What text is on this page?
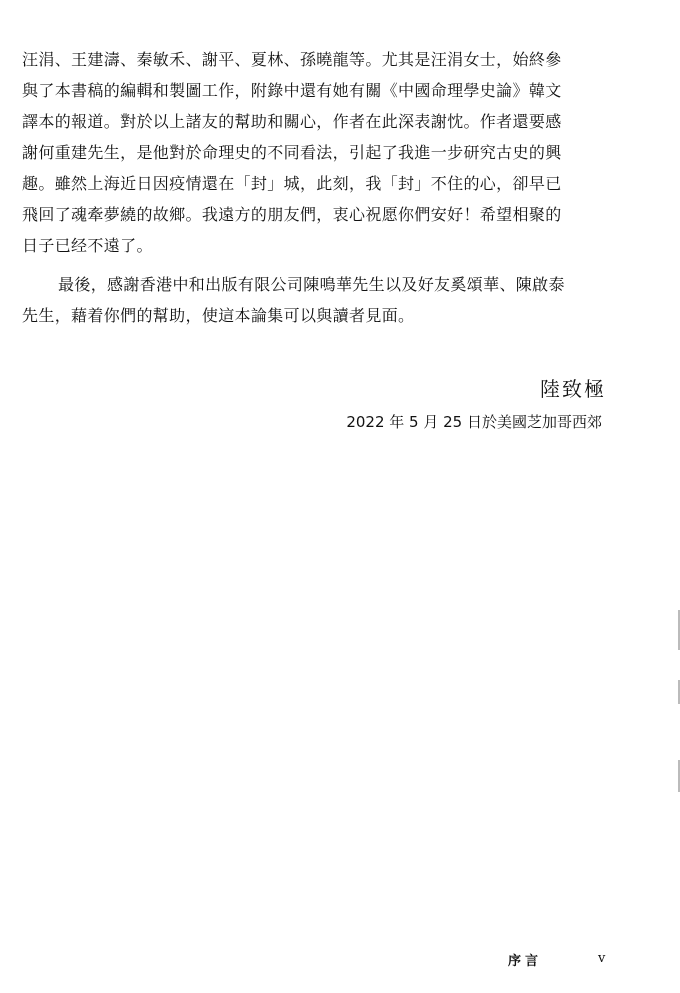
汪涓、王建濤、秦敏禾、謝平、夏林、孫曉龍等。尤其是汪涓女士，始終參
與了本書稿的編輯和製圖工作，附錄中還有她有關《中國命理學史論》韓文
譯本的報道。對於以上諸友的幫助和關心，作者在此深表謝忱。作者還要感
謝何重建先生，是他對於命理史的不同看法，引起了我進一步研究古史的興
趣。雖然上海近日因疫情還在「封」城，此刻，我「封」不住的心，卻早已
飛回了魂牽夢繞的故鄉。我遠方的朋友們，衷心祝愿你們安好！希望相聚的
日子已经不遠了。
最後，感謝香港中和出版有限公司陳鳴華先生以及好友奚頌華、陳啟泰
先生，藉着你們的幫助，使這本論集可以與讀者見面。
陸致極
2022 年 5 月 25 日於美國芝加哥西郊
序言	v
